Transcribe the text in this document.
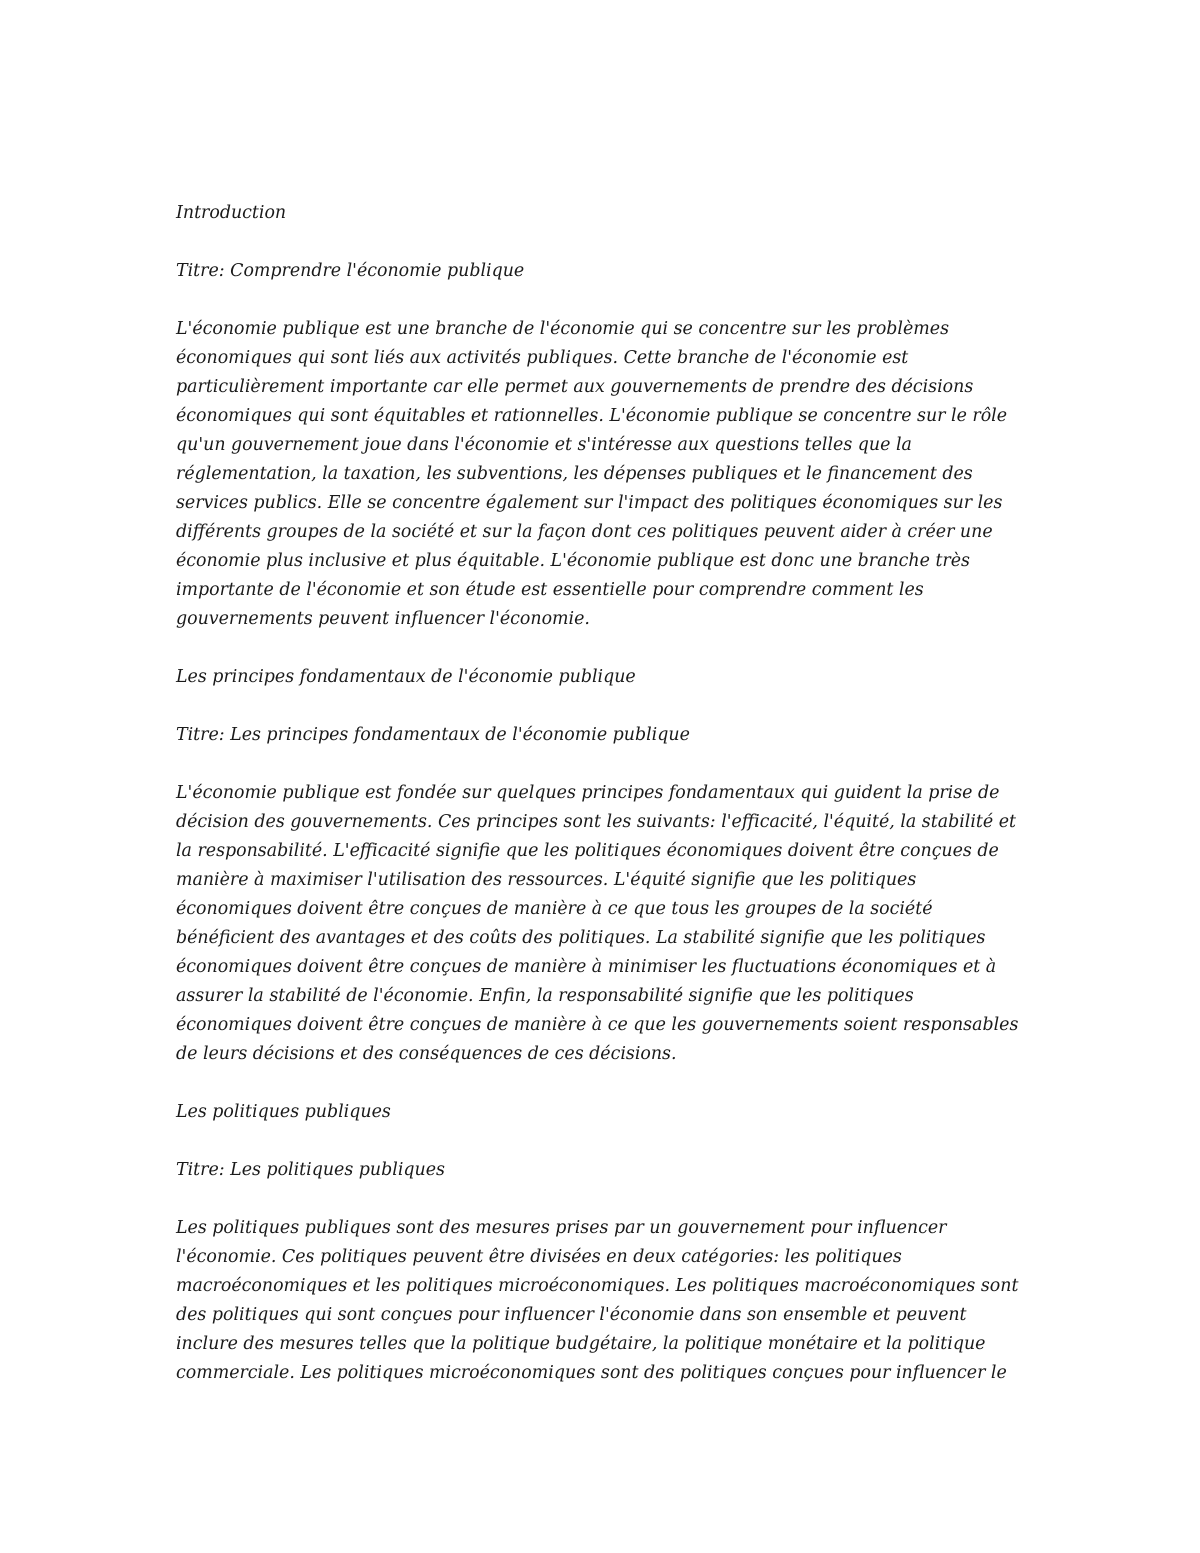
Introduction
Titre: Comprendre l'économie publique
L'économie publique est une branche de l'économie qui se concentre sur les problèmes
économiques qui sont liés aux activités publiques. Cette branche de l'économie est
particulièrement importante car elle permet aux gouvernements de prendre des décisions
économiques qui sont équitables et rationnelles. L'économie publique se concentre sur le rôle
qu'un gouvernement joue dans l'économie et s'intéresse aux questions telles que la
réglementation, la taxation, les subventions, les dépenses publiques et le financement des
services publics. Elle se concentre également sur l'impact des politiques économiques sur les
différents groupes de la société et sur la façon dont ces politiques peuvent aider à créer une
économie plus inclusive et plus équitable. L'économie publique est donc une branche très
importante de l'économie et son étude est essentielle pour comprendre comment les
gouvernements peuvent influencer l'économie.
Les principes fondamentaux de l'économie publique
Titre: Les principes fondamentaux de l'économie publique
L'économie publique est fondée sur quelques principes fondamentaux qui guident la prise de
décision des gouvernements. Ces principes sont les suivants: l'efficacité, l'équité, la stabilité et
la responsabilité. L'efficacité signifie que les politiques économiques doivent être conçues de
manière à maximiser l'utilisation des ressources. L'équité signifie que les politiques
économiques doivent être conçues de manière à ce que tous les groupes de la société
bénéficient des avantages et des coûts des politiques. La stabilité signifie que les politiques
économiques doivent être conçues de manière à minimiser les fluctuations économiques et à
assurer la stabilité de l'économie. Enfin, la responsabilité signifie que les politiques
économiques doivent être conçues de manière à ce que les gouvernements soient responsables
de leurs décisions et des conséquences de ces décisions.
Les politiques publiques
Titre: Les politiques publiques
Les politiques publiques sont des mesures prises par un gouvernement pour influencer
l'économie. Ces politiques peuvent être divisées en deux catégories: les politiques
macroéconomiques et les politiques microéconomiques. Les politiques macroéconomiques sont
des politiques qui sont conçues pour influencer l'économie dans son ensemble et peuvent
inclure des mesures telles que la politique budgétaire, la politique monétaire et la politique
commerciale. Les politiques microéconomiques sont des politiques conçues pour influencer le
